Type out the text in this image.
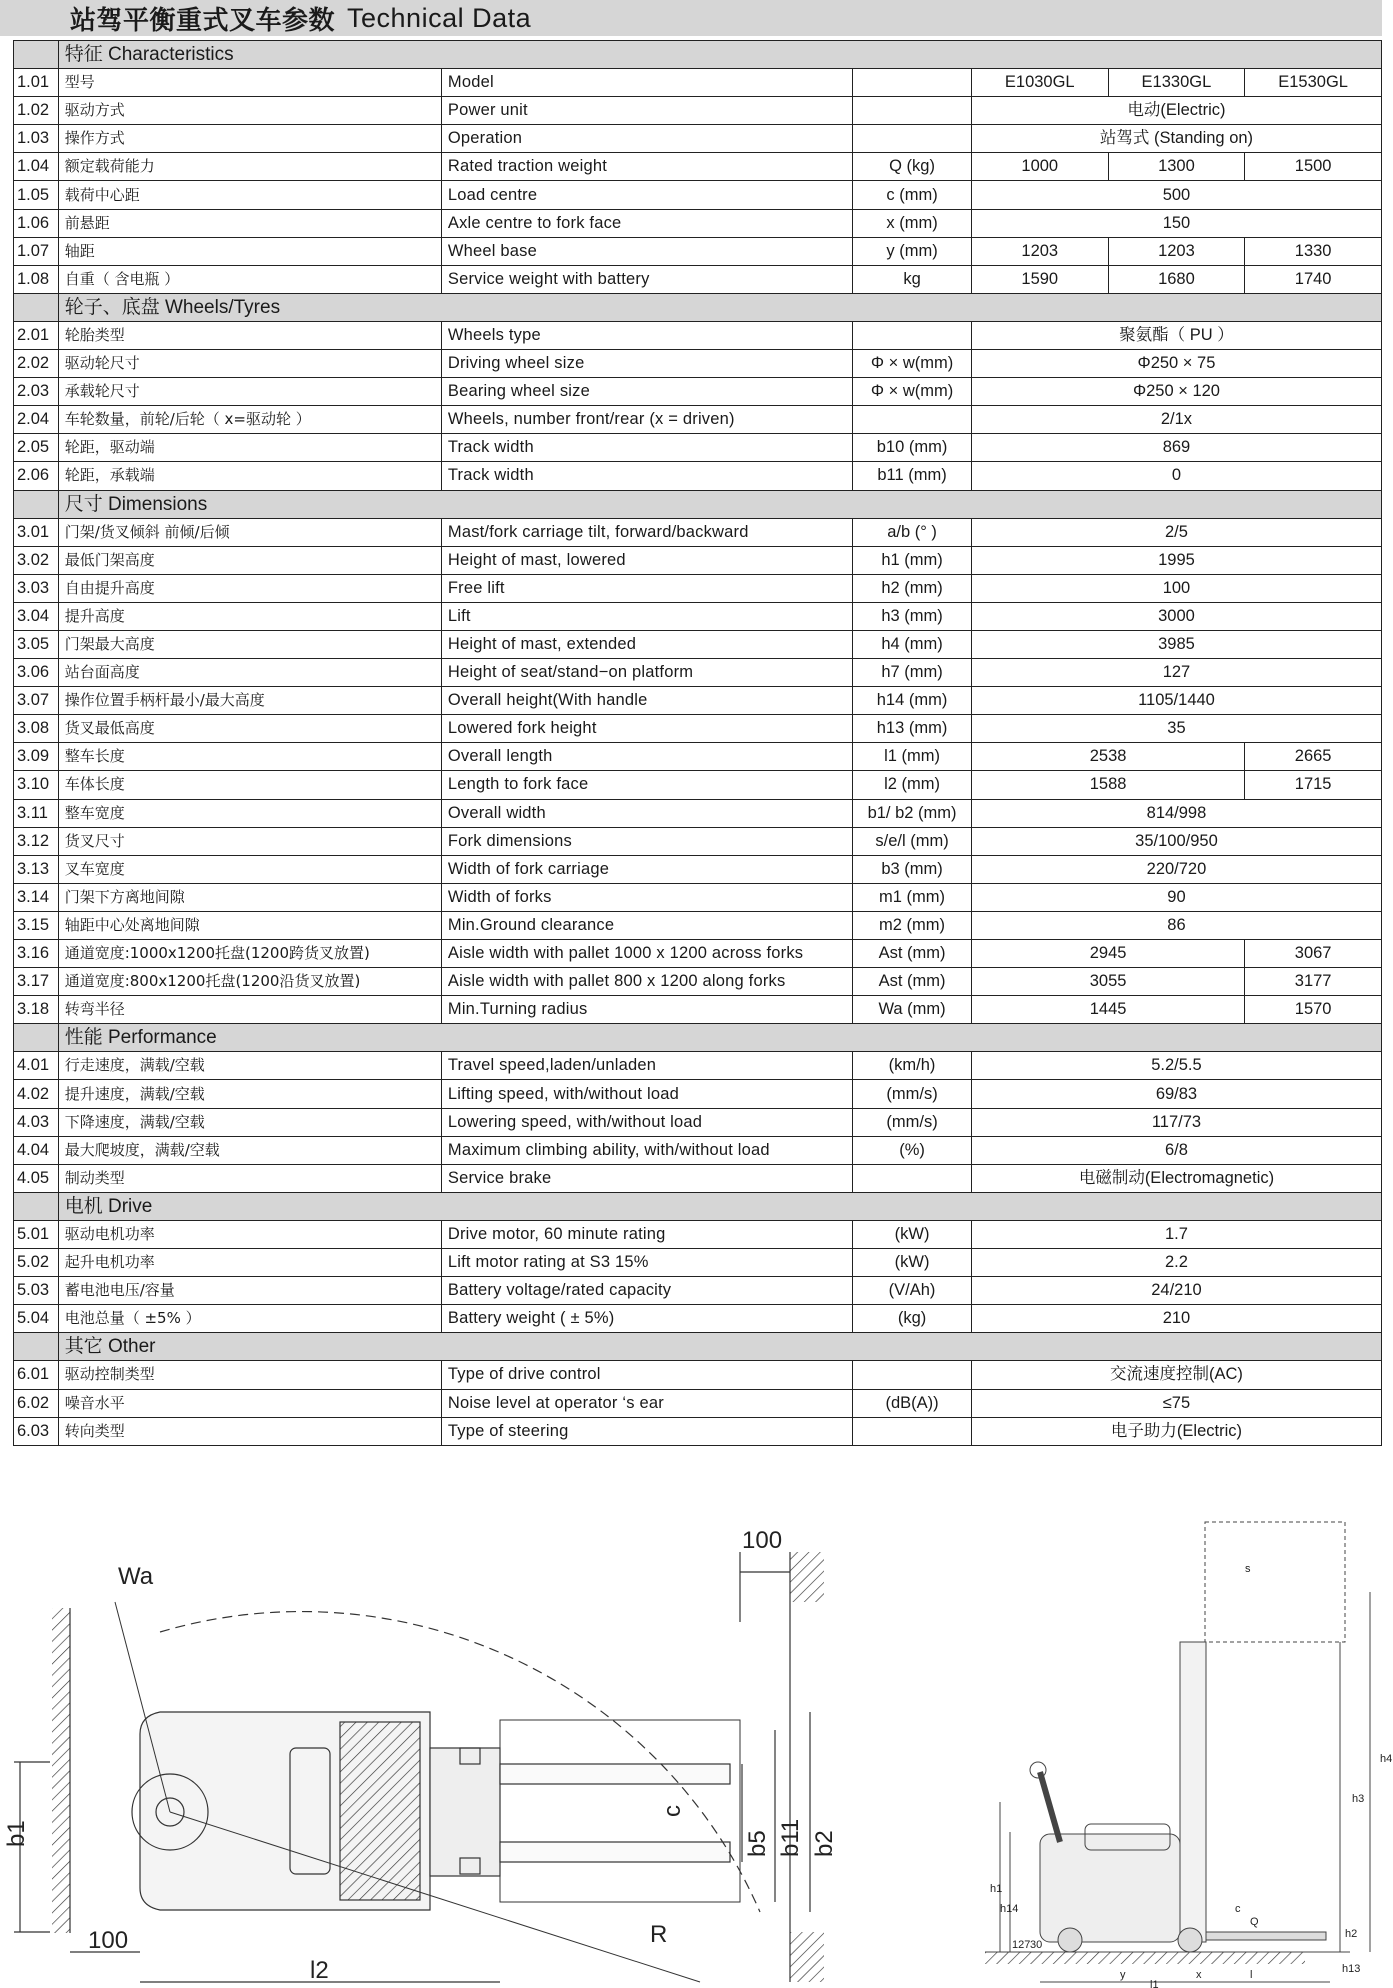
站驾平衡重式叉车参数 Technical Data
	特征 Characteristics					
1.01	型号	Model		E1030GL	E1330GL	E1530GL
1.02	驱动方式	Power unit		电动(Electric)		
1.03	操作方式	Operation		站驾式 (Standing on)		
1.04	额定载荷能力	Rated traction weight	Q (kg)	1000	1300	1500
1.05	载荷中心距	Load centre	c (mm)	500		
1.06	前悬距	Axle centre to fork face	x (mm)	150		
1.07	轴距	Wheel base	y (mm)	1203	1203	1330
1.08	自重（ 含电瓶 ）	Service weight with battery	kg	1590	1680	1740
	轮子、底盘 Wheels/Tyres					
2.01	轮胎类型	Wheels type		聚氨酯（ PU ）		
2.02	驱动轮尺寸	Driving wheel size	Φ × w(mm)	Φ250 × 75		
2.03	承载轮尺寸	Bearing wheel size	Φ × w(mm)	Φ250 × 120		
2.04	车轮数量，前轮/后轮（ x=驱动轮 ）	Wheels, number front/rear (x = driven)		2/1x		
2.05	轮距，驱动端	Track width	b10 (mm)	869		
2.06	轮距，承载端	Track width	b11 (mm)	0		
	尺寸 Dimensions					
3.01	门架/货叉倾斜 前倾/后倾	Mast/fork carriage tilt, forward/backward	a/b (° )	2/5		
3.02	最低门架高度	Height of mast, lowered	h1 (mm)	1995		
3.03	自由提升高度	Free lift	h2 (mm)	100		
3.04	提升高度	Lift	h3 (mm)	3000		
3.05	门架最大高度	Height of mast, extended	h4 (mm)	3985		
3.06	站台面高度	Height of seat/stand−on platform	h7 (mm)	127		
3.07	操作位置手柄杆最小/最大高度	Overall height(With handle	h14 (mm)	1105/1440		
3.08	货叉最低高度	Lowered fork height	h13 (mm)	35		
3.09	整车长度	Overall length	l1 (mm)	2538		2665
3.10	车体长度	Length to fork face	l2 (mm)	1588		1715
3.11	整车宽度	Overall width	b1/ b2 (mm)	814/998		
3.12	货叉尺寸	Fork dimensions	s/e/l (mm)	35/100/950		
3.13	叉车宽度	Width of fork carriage	b3 (mm)	220/720		
3.14	门架下方离地间隙	Width of forks	m1 (mm)	90		
3.15	轴距中心处离地间隙	Min.Ground clearance	m2 (mm)	86		
3.16	通道宽度:1000x1200托盘(1200跨货叉放置)	Aisle width with pallet 1000 x 1200 across forks	Ast (mm)	2945		3067
3.17	通道宽度:800x1200托盘(1200沿货叉放置)	Aisle width with pallet 800 x 1200 along forks	Ast (mm)	3055		3177
3.18	转弯半径	Min.Turning radius	Wa (mm)	1445		1570
	性能 Performance					
4.01	行走速度，满载/空载	Travel speed,laden/unladen	(km/h)	5.2/5.5		
4.02	提升速度，满载/空载	Lifting speed, with/without load	(mm/s)	69/83		
4.03	下降速度，满载/空载	Lowering speed, with/without load	(mm/s)	117/73		
4.04	最大爬坡度，满载/空载	Maximum climbing ability, with/without load	(%)	6/8		
4.05	制动类型	Service brake		电磁制动(Electromagnetic)		
	电机 Drive					
5.01	驱动电机功率	Drive motor, 60 minute rating	(kW)	1.7		
5.02	起升电机功率	Lift motor rating at S3 15%	(kW)	2.2		
5.03	蓄电池电压/容量	Battery voltage/rated capacity	(V/Ah)	24/210		
5.04	电池总量（ ±5% ）	Battery weight ( ± 5%)	(kg)	210		
	其它 Other					
6.01	驱动控制类型	Type of drive control		交流速度控制(AC)		
6.02	噪音水平	Noise level at operator ‘s ear	(dB(A))	≤75		
6.03	转向类型	Type of steering		电子助力(Electric)		
Wa
100
b1
c
b5 b11 b2
100	R
l2
s
h4
h3
h1
h14
h2
127 30
c
Q
h13
x
y	l
l1
